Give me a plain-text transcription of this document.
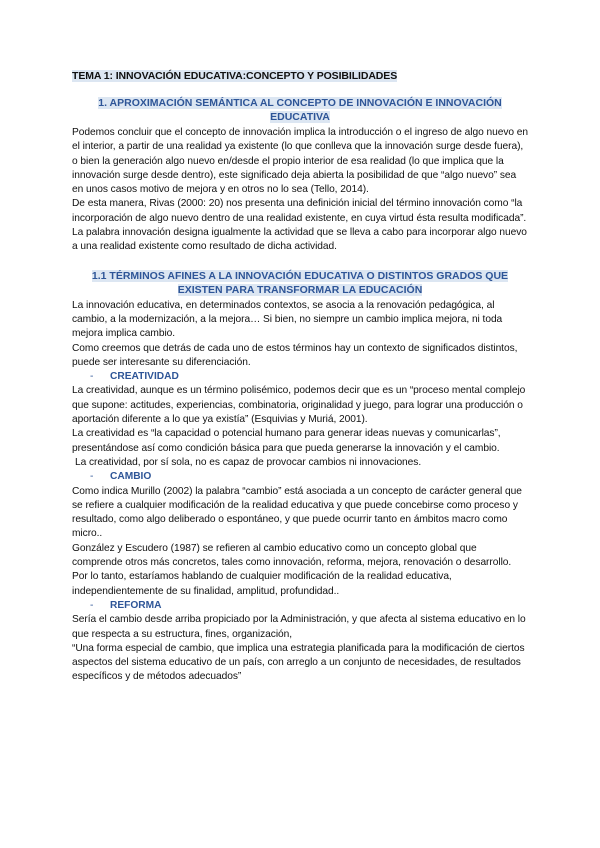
TEMA 1: INNOVACIÓN EDUCATIVA:CONCEPTO Y POSIBILIDADES
1. APROXIMACIÓN SEMÁNTICA AL CONCEPTO DE INNOVACIÓN E INNOVACIÓN EDUCATIVA

Podemos concluir que el concepto de innovación implica la introducción o el ingreso de algo nuevo en el interior, a partir de una realidad ya existente (lo que conlleva que la innovación surge desde fuera), o bien la generación algo nuevo en/desde el propio interior de esa realidad (lo que implica que la innovación surge desde dentro), este significado deja abierta la posibilidad de que “algo nuevo” sea en unos casos motivo de mejora y en otros no lo sea (Tello, 2014).

De esta manera, Rivas (2000: 20) nos presenta una definición inicial del término innovación como “la incorporación de algo nuevo dentro de una realidad existente, en cuya virtud ésta resulta modificada”.

La palabra innovación designa igualmente la actividad que se lleva a cabo para incorporar algo nuevo a una realidad existente como resultado de dicha actividad.

1.1 TÉRMINOS AFINES A LA INNOVACIÓN EDUCATIVA O DISTINTOS GRADOS QUE EXISTEN PARA TRANSFORMAR LA EDUCACIÓN

La innovación educativa, en determinados contextos, se asocia a la renovación pedagógica, al cambio, a la modernización, a la mejora… Si bien, no siempre un cambio implica mejora, ni toda mejora implica cambio.

Como creemos que detrás de cada uno de estos términos hay un contexto de significados distintos, puede ser interesante su diferenciación.

-	CREATIVIDAD

La creatividad, aunque es un término polisémico, podemos decir que es un “proceso mental complejo que supone: actitudes, experiencias, combinatoria, originalidad y juego, para lograr una producción o aportación diferente a lo que ya existía” (Esquivias y Muriá, 2001).

La creatividad es “la capacidad o potencial humano para generar ideas nuevas y comunicarlas”, presentándose así como condición básica para que pueda generarse la innovación y el cambio.

La creatividad, por sí sola, no es capaz de provocar cambios ni innovaciones.

-	CAMBIO

Como indica Murillo (2002) la palabra “cambio” está asociada a un concepto de carácter general que se refiere a cualquier modificación de la realidad educativa y que puede concebirse como proceso y resultado, como algo deliberado o espontáneo, y que puede ocurrir tanto en ámbitos macro como micro..

González y Escudero (1987) se refieren al cambio educativo como un concepto global que comprende otros más concretos, tales como innovación, reforma, mejora, renovación o desarrollo. Por lo tanto, estaríamos hablando de cualquier modificación de la realidad educativa, independientemente de su finalidad, amplitud, profundidad..

-	REFORMA

Sería el cambio desde arriba propiciado por la Administración, y que afecta al sistema educativo en lo que respecta a su estructura, fines, organización,

“Una forma especial de cambio, que implica una estrategia planificada para la modificación de ciertos aspectos del sistema educativo de un país, con arreglo a un conjunto de necesidades, de resultados específicos y de métodos adecuados”
